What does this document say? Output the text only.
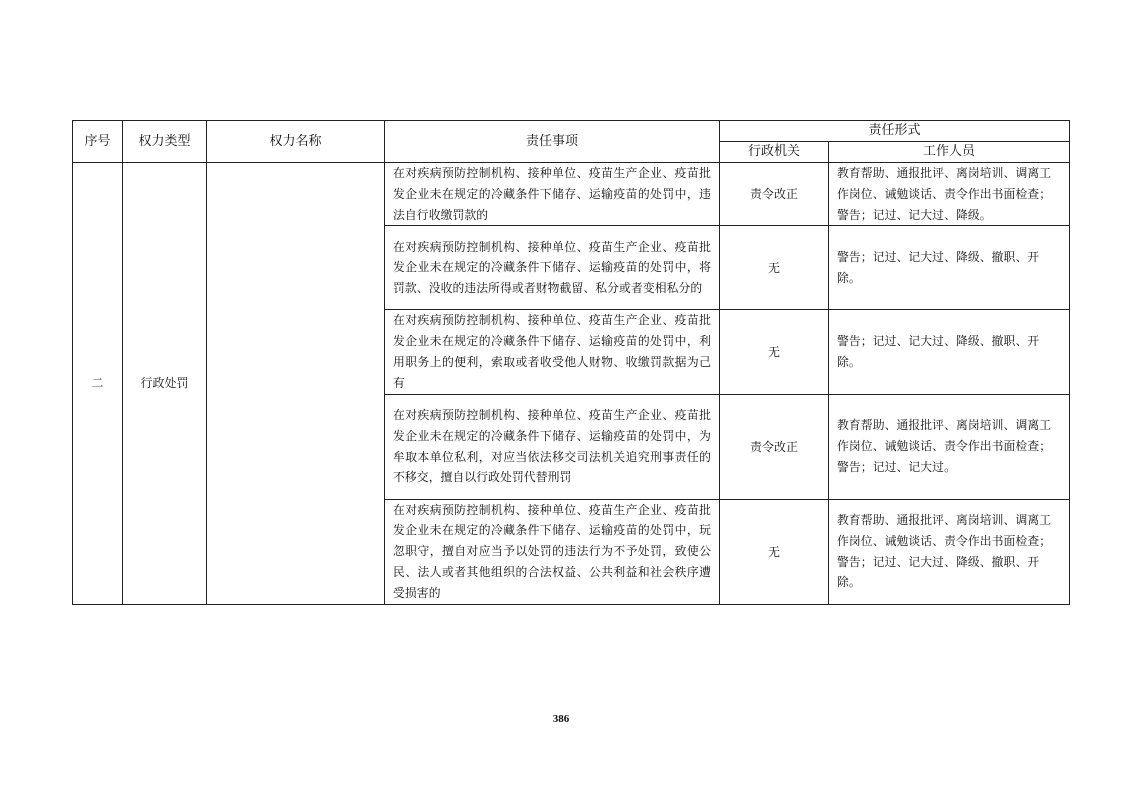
序号	权力类型	权力名称	责任事项	责任形式	
				行政机关	工作人员
二	行政处罚		在对疾病预防控制机构、接种单位、疫苗生产企业、疫苗批发企业未在规定的冷藏条件下储存、运输疫苗的处罚中，违法自行收缴罚款的	责令改正	教育帮助、通报批评、离岗培训、调离工作岗位、诫勉谈话、责令作出书面检查；警告；记过、记大过、降级。
			在对疾病预防控制机构、接种单位、疫苗生产企业、疫苗批发企业未在规定的冷藏条件下储存、运输疫苗的处罚中，将罚款、没收的违法所得或者财物截留、私分或者变相私分的	无	警告；记过、记大过、降级、撤职、开除。
			在对疾病预防控制机构、接种单位、疫苗生产企业、疫苗批发企业未在规定的冷藏条件下储存、运输疫苗的处罚中，利用职务上的便利，索取或者收受他人财物、收缴罚款据为己有	无	警告；记过、记大过、降级、撤职、开除。
			在对疾病预防控制机构、接种单位、疫苗生产企业、疫苗批发企业未在规定的冷藏条件下储存、运输疫苗的处罚中，为牟取本单位私利，对应当依法移交司法机关追究刑事责任的不移交，擅自以行政处罚代替刑罚	责令改正	教育帮助、通报批评、离岗培训、调离工作岗位、诫勉谈话、责令作出书面检查；警告；记过、记大过。
			在对疾病预防控制机构、接种单位、疫苗生产企业、疫苗批发企业未在规定的冷藏条件下储存、运输疫苗的处罚中，玩忽职守，擅自对应当予以处罚的违法行为不予处罚，致使公民、法人或者其他组织的合法权益、公共利益和社会秩序遭受损害的	无	教育帮助、通报批评、离岗培训、调离工作岗位、诫勉谈话、责令作出书面检查；警告；记过、记大过、降级、撤职、开除。
386
